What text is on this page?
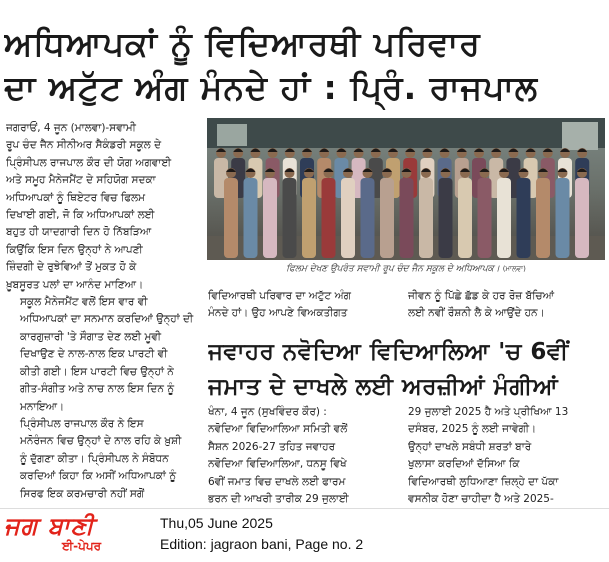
ਅਧਿਆਪਕਾਂ ਨੂੰ ਵਿਦਿਆਰਥੀ ਪਰਿਵਾਰ
ਦਾ ਅਟੁੱਟ ਅੰਗ ਮੰਨਦੇ ਹਾਂ : ਪ੍ਰਿੰ. ਰਾਜਪਾਲ

ਜਗਰਾਓਂ, 4 ਜੂਨ (ਮਾਲਵਾ)-ਸਵਾਮੀ
ਰੂਪ ਚੰਦ ਜੈਨ ਸੀਨੀਅਰ ਸੈਕੰਡਰੀ ਸਕੂਲ ਦੇ
ਪ੍ਰਿੰਸੀਪਲ ਰਾਜਪਾਲ ਕੌਰ ਦੀ ਯੋਗ ਅਗਵਾਈ
ਅਤੇ ਸਮੂਹ ਮੈਨੇਜਮੈਂਟ ਦੇ ਸਹਿਯੋਗ ਸਦਕਾ
ਅਧਿਆਪਕਾਂ ਨੂੰ ਥਿਏਟਰ ਵਿਚ ਫਿਲਮ
ਦਿਖਾਈ ਗਈ, ਜੋ ਕਿ ਅਧਿਆਪਕਾਂ ਲਈ
ਬਹੁਤ ਹੀ ਯਾਦਗਾਰੀ ਦਿਨ ਹੋ ਨਿੱਬੜਿਆ
ਕਿਉਂਕਿ ਇਸ ਦਿਨ ਉਨ੍ਹਾਂ ਨੇ ਆਪਣੀ
ਜ਼ਿੰਦਗੀ ਦੇ ਰੁਝੇਵਿਆਂ ਤੋਂ ਮੁਕਤ ਹੋ ਕੇ
ਖ਼ੂਬਸੂਰਤ ਪਲਾਂ ਦਾ ਆਨੰਦ ਮਾਣਿਆ।

ਸਕੂਲ ਮੈਨੇਜਮੈਂਟ ਵਲੋਂ ਇਸ ਵਾਰ ਵੀ
ਅਧਿਆਪਕਾਂ ਦਾ ਸਨਮਾਨ ਕਰਦਿਆਂ ਉਨ੍ਹਾਂ ਦੀ
ਕਾਰਗੁਜ਼ਾਰੀ 'ਤੇ ਸੌਗਾਤ ਦੇਣ ਲਈ ਮੂਵੀ
ਦਿਖਾਉਣ ਦੇ ਨਾਲ-ਨਾਲ ਇਕ ਪਾਰਟੀ ਵੀ
ਕੀਤੀ ਗਈ। ਇਸ ਪਾਰਟੀ ਵਿਚ ਉਨ੍ਹਾਂ ਨੇ
ਗੀਤ-ਸੰਗੀਤ ਅਤੇ ਨਾਚ ਨਾਲ ਇਸ ਦਿਨ ਨੂੰ
ਮਨਾਇਆ।

ਪ੍ਰਿੰਸੀਪਲ ਰਾਜਪਾਲ ਕੌਰ ਨੇ ਇਸ
ਮਨੋਰੰਜਨ ਵਿਚ ਉਨ੍ਹਾਂ ਦੇ ਨਾਲ ਰਹਿ ਕੇ ਖ਼ੁਸ਼ੀ
ਨੂੰ ਦੁੱਗਣਾ ਕੀਤਾ। ਪ੍ਰਿੰਸੀਪਲ ਨੇ ਸੰਬੋਧਨ
ਕਰਦਿਆਂ ਕਿਹਾ ਕਿ ਅਸੀਂ ਅਧਿਆਪਕਾਂ ਨੂੰ
ਸਿਰਫ ਇਕ ਕਰਮਚਾਰੀ ਨਹੀਂ ਸਗੋਂ

ਫਿਲਮ ਦੇਖਣ ਉਪਰੰਤ ਸਵਾਮੀ ਰੂਪ ਚੰਦ ਜੈਨ ਸਕੂਲ ਦੇ ਅਧਿਆਪਕ। (ਮਾਲਵਾ)

ਵਿਦਿਆਰਥੀ ਪਰਿਵਾਰ ਦਾ ਅਟੁੱਟ ਅੰਗ
ਮੰਨਦੇ ਹਾਂ। ਉਹ ਆਪਣੇ ਵਿਅਕਤੀਗਤ

ਜੀਵਨ ਨੂੰ ਪਿੱਛੇ ਛੱਡ ਕੇ ਹਰ ਰੋਜ਼ ਬੱਚਿਆਂ
ਲਈ ਨਵੀਂ ਰੌਸ਼ਨੀ ਲੈ ਕੇ ਆਉਂਦੇ ਹਨ।

ਜਵਾਹਰ ਨਵੋਦਿਆ ਵਿਦਿਆਲਿਆ 'ਚ 6ਵੀਂ
ਜਮਾਤ ਦੇ ਦਾਖਲੇ ਲਈ ਅਰਜ਼ੀਆਂ ਮੰਗੀਆਂ

ਖੰਨਾ, 4 ਜੂਨ (ਸੁਖਵਿੰਦਰ ਕੌਰ) :
ਨਵੋਦਿਆ ਵਿਦਿਆਲਿਆ ਸਮਿਤੀ ਵਲੋਂ
ਸੈਸ਼ਨ 2026-27 ਤਹਿਤ ਜਵਾਹਰ
ਨਵੋਦਿਆ ਵਿਦਿਆਲਿਆ, ਧਨਸੂ ਵਿਖੇ
6ਵੀਂ ਜਮਾਤ ਵਿਚ ਦਾਖਲੇ ਲਈ ਫਾਰਮ
ਭਰਨ ਦੀ ਆਖਰੀ ਤਾਰੀਕ 29 ਜੁਲਾਈ

29 ਜੁਲਾਈ 2025 ਹੈ ਅਤੇ ਪ੍ਰੀਖਿਆ 13
ਦਸੰਬਰ, 2025 ਨੂੰ ਲਈ ਜਾਵੇਗੀ।
ਉਨ੍ਹਾਂ ਦਾਖਲੇ ਸਬੰਧੀ ਸ਼ਰਤਾਂ ਬਾਰੇ
ਖੁਲਾਸਾ ਕਰਦਿਆਂ ਦੱਸਿਆ ਕਿ
ਵਿਦਿਆਰਥੀ ਲੁਧਿਆਣਾ ਜ਼ਿਲ੍ਹੇ ਦਾ ਪੱਕਾ
ਵਸਨੀਕ ਹੋਣਾ ਚਾਹੀਦਾ ਹੈ ਅਤੇ 2025-

ਜਗ ਬਾਣੀ
ਈ-ਪੇਪਰ
Thu,05 June 2025
Edition: jagraon bani, Page no. 2
